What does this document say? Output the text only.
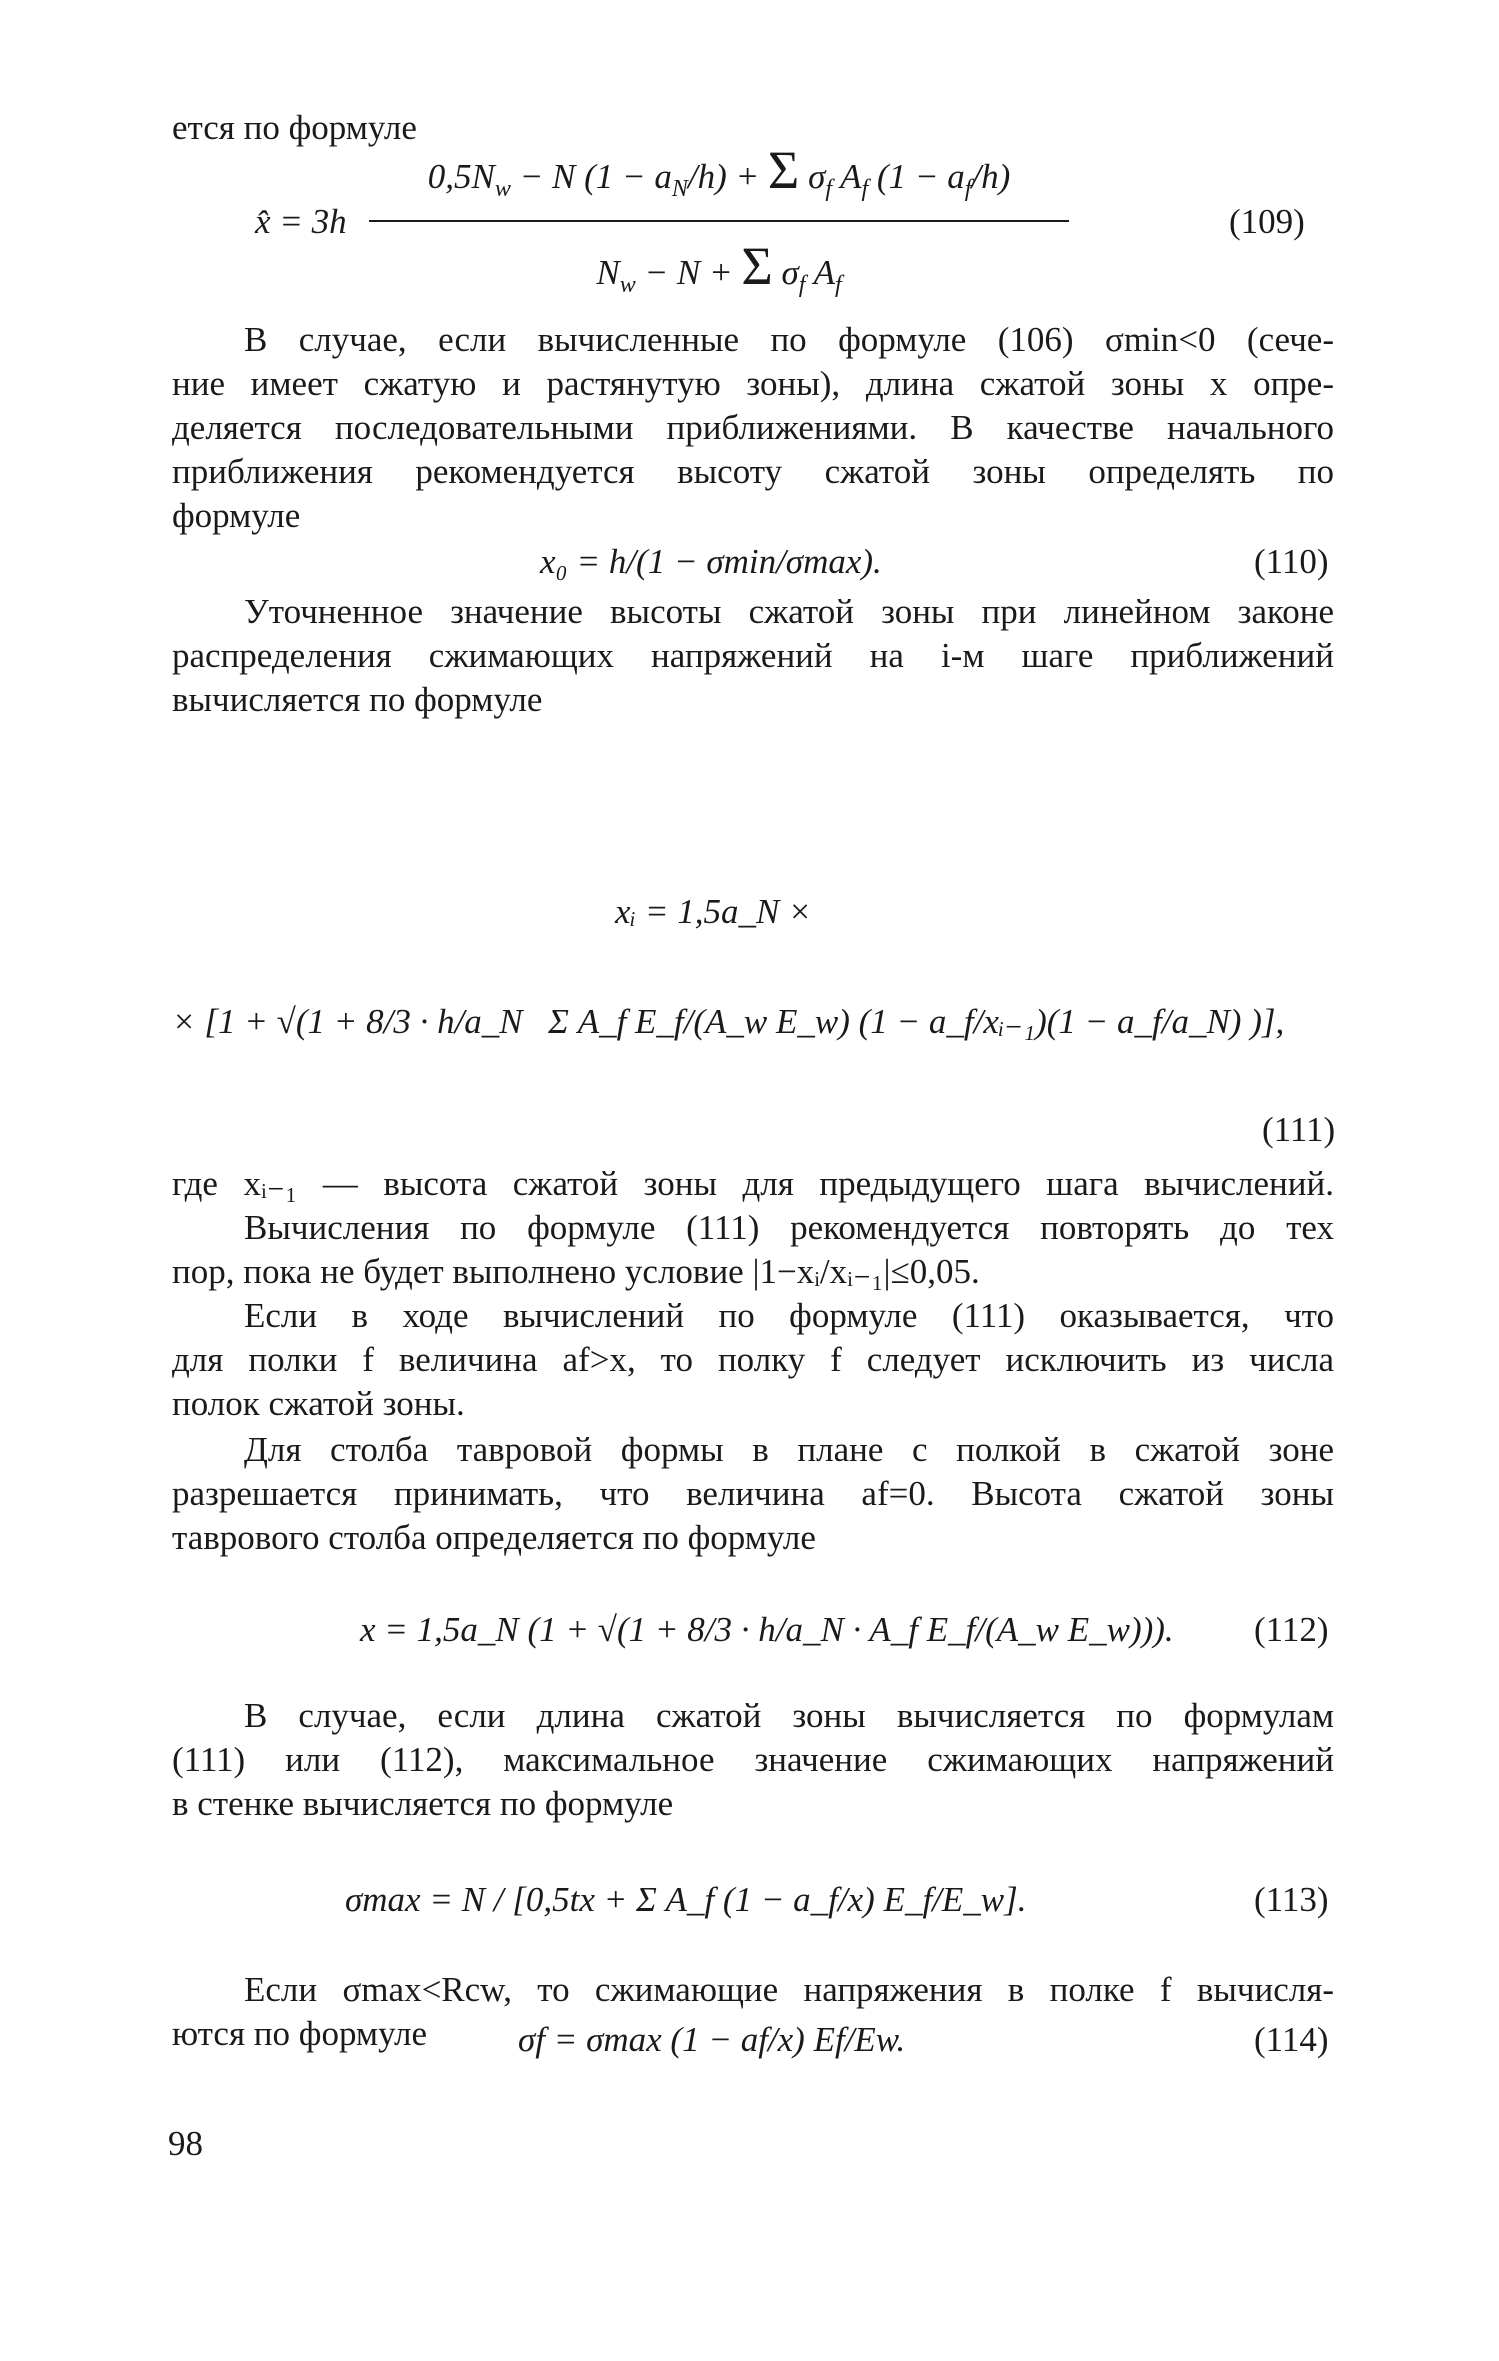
ется по формуле
x̂ = 3h
$0,5N_w - N$ $(1 - a_N/h) + \Sigma$ $\sigma_f$ $A_f$ $(1 - a_f/h)$
$N_w - N + \Sigma$ $\sigma_f$ $A_f$
(109)
В случае, если вычисленные по формуле (106) σmin<0 (сече-
ние имеет сжатую и растянутую зоны), длина сжатой зоны x опре-
деляется последовательными приближениями. В качестве начального
приближения рекомендуется высоту сжатой зоны определять по
формуле
x₀ = h/(1 − σmin/σmax).	(110)
Уточненное значение высоты сжатой зоны при линейном законе
распределения сжимающих напряжений на i-м шаге приближений
вычисляется по формуле
xᵢ = 1,5a_N ×
× [1 + √(1 + 8/3 · h/a_N Σ A_f E_f/(A_w E_w) (1 − a_f/xᵢ₋₁)(1 − a_f/a_N) )],
(111)
где xᵢ₋₁ — высота сжатой зоны для предыдущего шага вычислений.
Вычисления по формуле (111) рекомендуется повторять до тех
пор, пока не будет выполнено условие |1−xᵢ/xᵢ₋₁|≤0,05.
Если в ходе вычислений по формуле (111) оказывается, что
для полки f величина af>x, то полку f следует исключить из числа
полок сжатой зоны.
Для столба тавровой формы в плане с полкой в сжатой зоне
разрешается принимать, что величина af=0. Высота сжатой зоны
таврового столба определяется по формуле
x = 1,5a_N (1 + √(1 + 8/3 · h/a_N · A_f E_f/(A_w E_w))). (112)
В случае, если длина сжатой зоны вычисляется по формулам
(111) или (112), максимальное значение сжимающих напряжений
в стенке вычисляется по формуле
σmax = N / [0,5tx + Σ A_f (1 − a_f/x) E_f/E_w].	(113)
Если σmax<Rcw, то сжимающие напряжения в полке f вычисля-
ются по формуле	σf = σmax (1 − af/x) Ef/Ew.	(114)
98
